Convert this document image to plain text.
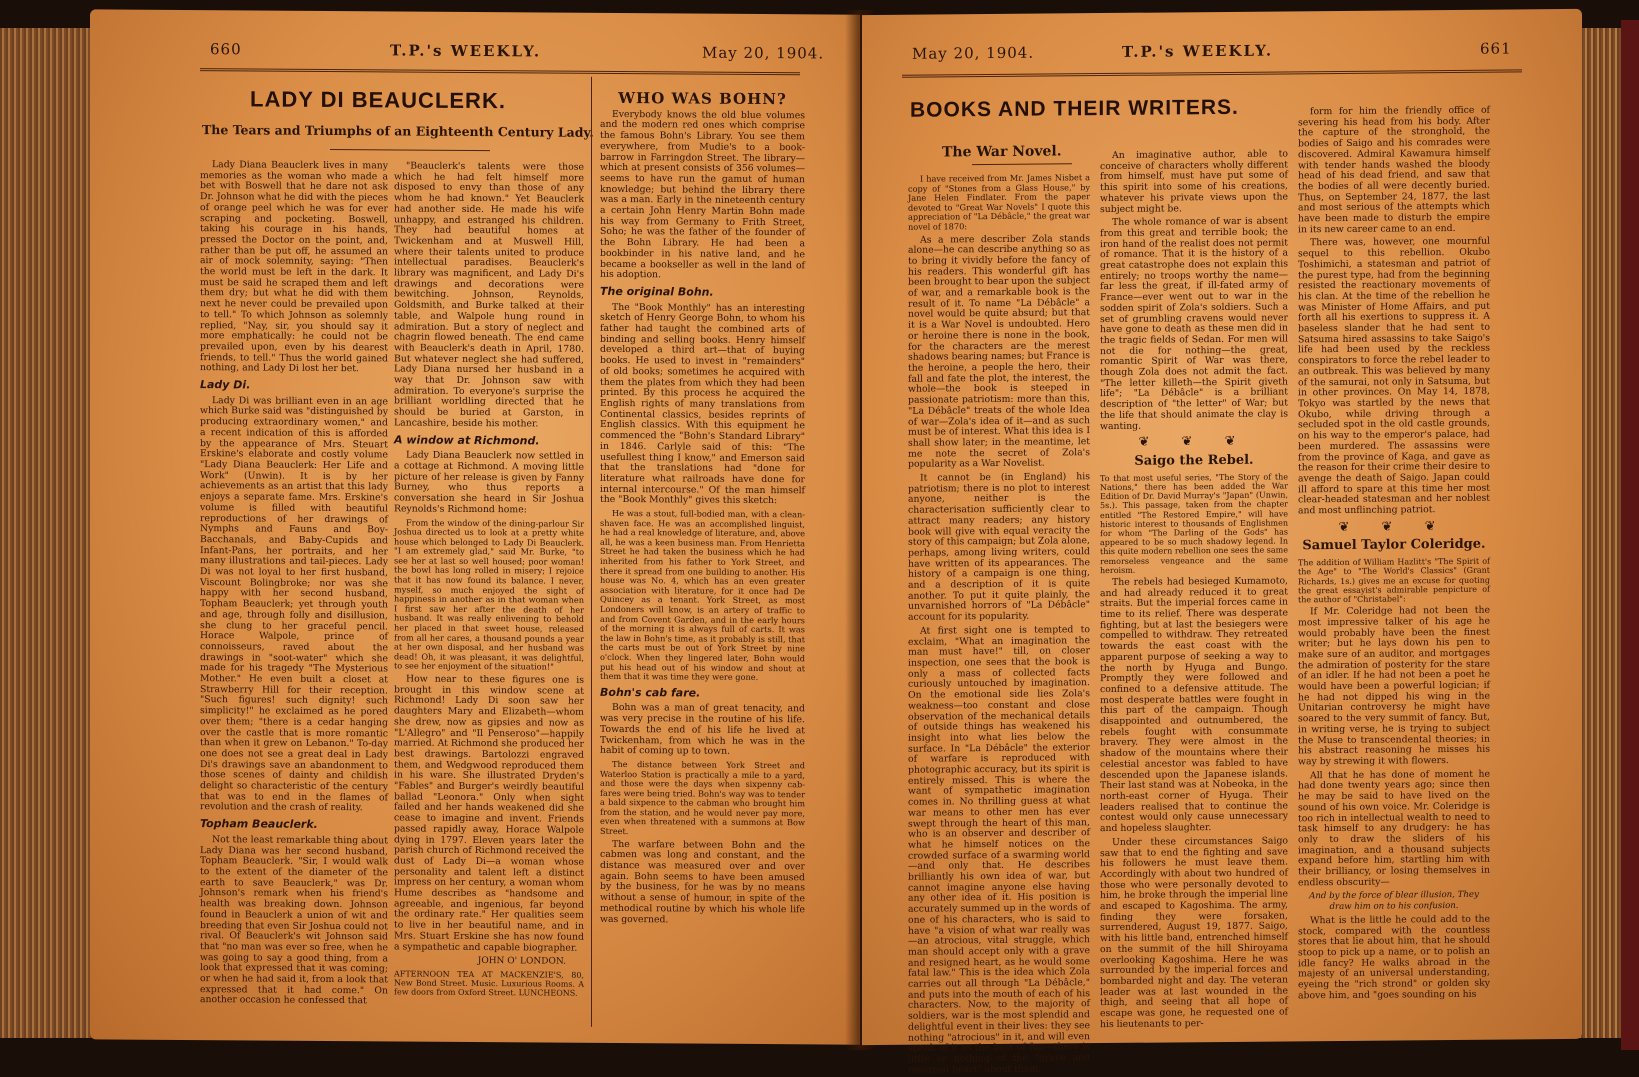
660	T.P.'s WEEKLY.	May 20, 1904.
LADY DI BEAUCLERK.
The Tears and Triumphs of an Eighteenth Century Lady.

Lady Diana Beauclerk lives in many memories as the woman who made a bet with Boswell that he dare not ask Dr. Johnson what he did with the pieces of orange peel which he was for ever scraping and pocketing. Boswell, taking his courage in his hands, pressed the Doctor on the point, and, rather than be put off, he assumed an air of mock solemnity, saying: "Then the world must be left in the dark. It must be said he scraped them and left them dry; but what he did with them next he never could be prevailed upon to tell." To which Johnson as solemnly replied, "Nay, sir, you should say it more emphatically: he could not be prevailed upon, even by his dearest friends, to tell." Thus the world gained nothing, and Lady Di lost her bet.

Lady Di.

Lady Di was brilliant even in an age which Burke said was "distinguished by producing extraordinary women," and a recent indication of this is afforded by the appearance of Mrs. Steuart Erskine's elaborate and costly volume "Lady Diana Beauclerk: Her Life and Work" (Unwin). It is by her achievements as an artist that this lady enjoys a separate fame. Mrs. Erskine's volume is filled with beautiful reproductions of her drawings of Nymphs and Fauns and Boy-Bacchanals, and Baby-Cupids and Infant-Pans, her portraits, and her many illustrations and tail-pieces. Lady Di was not loyal to her first husband, Viscount Bolingbroke; nor was she happy with her second husband, Topham Beauclerk; yet through youth and age, through folly and disillusion, she clung to her graceful pencil. Horace Walpole, prince of connoisseurs, raved about the drawings in "soot-water" which she made for his tragedy "The Mysterious Mother." He even built a closet at Strawberry Hill for their reception. "Such figures! such dignity! such simplicity!" he exclaimed as he pored over them; "there is a cedar hanging over the castle that is more romantic than when it grew on Lebanon." To-day one does not see a great deal in Lady Di's drawings save an abandonment to those scenes of dainty and childish delight so characteristic of the century that was to end in the flames of revolution and the crash of reality.

Topham Beauclerk.

Not the least remarkable thing about Lady Diana was her second husband, Topham Beauclerk. "Sir, I would walk to the extent of the diameter of the earth to save Beauclerk," was Dr. Johnson's remark when his friend's health was breaking down. Johnson found in Beauclerk a union of wit and breeding that even Sir Joshua could not rival. Of Beauclerk's wit Johnson said that "no man was ever so free, when he was going to say a good thing, from a look that expressed that it was coming; or when he had said it, from a look that expressed that it had come." On another occasion he confessed that

"Beauclerk's talents were those which he had felt himself more disposed to envy than those of any whom he had known." Yet Beauclerk had another side. He made his wife unhappy, and estranged his children. They had beautiful homes at Twickenham and at Muswell Hill, where their talents united to produce intellectual paradises. Beauclerk's library was magnificent, and Lady Di's drawings and decorations were bewitching. Johnson, Reynolds, Goldsmith, and Burke talked at their table, and Walpole hung round in admiration. But a story of neglect and chagrin flowed beneath. The end came with Beauclerk's death in April, 1780. But whatever neglect she had suffered, Lady Diana nursed her husband in a way that Dr. Johnson saw with admiration. To everyone's surprise the brilliant worldling directed that he should be buried at Garston, in Lancashire, beside his mother.

A window at Richmond.

Lady Diana Beauclerk now settled in a cottage at Richmond. A moving little picture of her release is given by Fanny Burney, who thus reports a conversation she heard in Sir Joshua Reynolds's Richmond home:

From the window of the dining-parlour Sir Joshua directed us to look at a pretty white house which belonged to Lady Di Beauclerk. "I am extremely glad," said Mr. Burke, "to see her at last so well housed; poor woman! the bowl has long rolled in misery; I rejoice that it has now found its balance. I never, myself, so much enjoyed the sight of happiness in another as in that woman when I first saw her after the death of her husband. It was really enlivening to behold her placed in that sweet house, released from all her cares, a thousand pounds a year at her own disposal, and her husband was dead! Oh, it was pleasant, it was delightful, to see her enjoyment of the situation!"

How near to these figures one is brought in this window scene at Richmond! Lady Di soon saw her daughters Mary and Elizabeth—whom she drew, now as gipsies and now as "L'Allegro" and "Il Penseroso"—happily married. At Richmond she produced her best drawings. Bartolozzi engraved them, and Wedgwood reproduced them in his ware. She illustrated Dryden's "Fables" and Burger's weirdly beautiful ballad "Leonora." Only when sight failed and her hands weakened did she cease to imagine and invent. Friends passed rapidly away, Horace Walpole dying in 1797. Eleven years later the parish church of Richmond received the dust of Lady Di—a woman whose personality and talent left a distinct impress on her century, a woman whom Hume describes as "handsome and agreeable, and ingenious, far beyond the ordinary rate." Her qualities seem to live in her beautiful name, and in Mrs. Stuart Erskine she has now found a sympathetic and capable biographer.

JOHN O' LONDON.

AFTERNOON TEA AT MACKENZIE'S, 80, New Bond Street. Music. Luxurious Rooms. A few doors from Oxford Street. LUNCHEONS.

WHO WAS BOHN?

Everybody knows the old blue volumes and the modern red ones which comprise the famous Bohn's Library. You see them everywhere, from Mudie's to a book-barrow in Farringdon Street. The library—which at present consists of 356 volumes—seems to have run the gamut of human knowledge; but behind the library there was a man. Early in the nineteenth century a certain John Henry Martin Bohn made his way from Germany to Frith Street, Soho; he was the father of the founder of the Bohn Library. He had been a bookbinder in his native land, and he became a bookseller as well in the land of his adoption.

The original Bohn.

The "Book Monthly" has an interesting sketch of Henry George Bohn, to whom his father had taught the combined arts of binding and selling books. Henry himself developed a third art—that of buying books. He used to invest in "remainders" of old books; sometimes he acquired with them the plates from which they had been printed. By this process he acquired the English rights of many translations from Continental classics, besides reprints of English classics. With this equipment he commenced the "Bohn's Standard Library" in 1846. Carlyle said of this: "The usefullest thing I know," and Emerson said that the translations had "done for literature what railroads have done for internal intercourse." Of the man himself the "Book Monthly" gives this sketch:

He was a stout, full-bodied man, with a clean-shaven face. He was an accomplished linguist, he had a real knowledge of literature, and, above all, he was a keen business man. From Henrietta Street he had taken the business which he had inherited from his father to York Street, and there it spread from one building to another. His house was No. 4, which has an even greater association with literature, for it once had De Quincey as a tenant. York Street, as most Londoners will know, is an artery of traffic to and from Covent Garden, and in the early hours of the morning it is always full of carts. It was the law in Bohn's time, as it probably is still, that the carts must be out of York Street by nine o'clock. When they lingered later, Bohn would put his head out of his window and shout at them that it was time they were gone.

Bohn's cab fare.

Bohn was a man of great tenacity, and was very precise in the routine of his life. Towards the end of his life he lived at Twickenham, from which he was in the habit of coming up to town.

The distance between York Street and Waterloo Station is practically a mile to a yard, and those were the days when sixpenny cab-fares were being tried. Bohn's way was to tender a bald sixpence to the cabman who brought him from the station, and he would never pay more, even when threatened with a summons at Bow Street.

The warfare between Bohn and the cabmen was long and constant, and the distance was measured over and over again. Bohn seems to have been amused by the business, for he was by no means without a sense of humour, in spite of the methodical routine by which his whole life was governed.

May 20, 1904.	T.P.'s WEEKLY.	661
BOOKS AND THEIR WRITERS.
The War Novel.

I have received from Mr. James Nisbet a copy of "Stones from a Glass House," by Jane Helen Findlater. From the paper devoted to "Great War Novels" I quote this appreciation of "La Débâcle," the great war novel of 1870:

As a mere describer Zola stands alone—he can describe anything so as to bring it vividly before the fancy of his readers. This wonderful gift has been brought to bear upon the subject of war, and a remarkable book is the result of it. To name "La Débâcle" a novel would be quite absurd; but that it is a War Novel is undoubted. Hero or heroine there is none in the book, for the characters are the merest shadows bearing names; but France is the heroine, a people the hero, their fall and fate the plot, the interest, the whole—the book is steeped in passionate patriotism: more than this, "La Débâcle" treats of the whole Idea of war—Zola's idea of it—and as such must be of interest. What this idea is I shall show later; in the meantime, let me note the secret of Zola's popularity as a War Novelist.

It cannot be (in England) his patriotism; there is no plot to interest anyone, neither is the characterisation sufficiently clear to attract many readers; any history book will give with equal veracity the story of this campaign; but Zola alone, perhaps, among living writers, could have written of its appearances. The history of a campaign is one thing, and a description of it is quite another. To put it quite plainly, the unvarnished horrors of "La Débâcle" account for its popularity.

At first sight one is tempted to exclaim, "What an imagination the man must have!" till, on closer inspection, one sees that the book is only a mass of collected facts curiously untouched by imagination. On the emotional side lies Zola's weakness—too constant and close observation of the mechanical details of outside things has weakened his insight into what lies below the surface. In "La Débâcle" the exterior of warfare is reproduced with photographic accuracy, but its spirit is entirely missed. This is where the want of sympathetic imagination comes in. No thrilling guess at what war means to other men has ever swept through the heart of this man, who is an observer and describer of what he himself notices on the crowded surface of a swarming world—and only that. He describes brilliantly his own idea of war, but cannot imagine anyone else having any other idea of it. His position is accurately summed up in the words of one of his characters, who is said to have "a vision of what war really was—an atrocious, vital struggle, which man should accept only with a grave and resigned heart, as he would some fatal law." This is the idea which Zola carries out all through "La Débâcle," and puts into the mouth of each of his characters. Now, to the majority of soldiers, war is the most splendid and delightful event in their lives: they see nothing "atrocious" in it, and will even speak of it as the best of fun—there is little or nothing of the "grave and resigned heart" about them.

An imaginative author, able to conceive of characters wholly different from himself, must have put some of this spirit into some of his creations, whatever his private views upon the subject might be.

The whole romance of war is absent from this great and terrible book; the iron hand of the realist does not permit of romance. That it is the history of a great catastrophe does not explain this entirely; no troops worthy the name—far less the great, if ill-fated army of France—ever went out to war in the sodden spirit of Zola's soldiers. Such a set of grumbling cravens would never have gone to death as these men did in the tragic fields of Sedan. For men will not die for nothing—the great, romantic Spirit of War was there, though Zola does not admit the fact. "The letter killeth—the Spirit giveth life"; "La Débâcle" is a brilliant description of "the letter" of War; but the life that should animate the clay is wanting.

❦ ❦ ❦
Saigo the Rebel.

To that most useful series, "The Story of the Nations," there has been added the War Edition of Dr. David Murray's "Japan" (Unwin, 5s.). This passage, taken from the chapter entitled "The Restored Empire," will have historic interest to thousands of Englishmen for whom "The Darling of the Gods" has appeared to be so much shadowy legend. In this quite modern rebellion one sees the same remorseless vengeance and the same heroism.

The rebels had besieged Kumamoto, and had already reduced it to great straits. But the imperial forces came in time to its relief. There was desperate fighting, but at last the besiegers were compelled to withdraw. They retreated towards the east coast with the apparent purpose of seeking a way to the north by Hyuga and Bungo. Promptly they were followed and confined to a defensive attitude. The most desperate battles were fought in this part of the campaign. Though disappointed and outnumbered, the rebels fought with consummate bravery. They were almost in the shadow of the mountains where their celestial ancestor was fabled to have descended upon the Japanese islands. Their last stand was at Nobeoka, in the north-east corner of Hyuga. Their leaders realised that to continue the contest would only cause unnecessary and hopeless slaughter.

Under these circumstances Saigo saw that to end the fighting and save his followers he must leave them. Accordingly with about two hundred of those who were personally devoted to him, he broke through the imperial line and escaped to Kagoshima. The army, finding they were forsaken, surrendered, August 19, 1877. Saigo, with his little band, entrenched himself on the summit of the hill Shiroyama overlooking Kagoshima. Here he was surrounded by the imperial forces and bombarded night and day. The veteran leader was at last wounded in the thigh, and seeing that all hope of escape was gone, he requested one of his lieutenants to per-

form for him the friendly office of severing his head from his body. After the capture of the stronghold, the bodies of Saigo and his comrades were discovered. Admiral Kawamura himself with tender hands washed the bloody head of his dead friend, and saw that the bodies of all were decently buried. Thus, on September 24, 1877, the last and most serious of the attempts which have been made to disturb the empire in its new career came to an end.

There was, however, one mournful sequel to this rebellion. Okubo Toshimichi, a statesman and patriot of the purest type, had from the beginning resisted the reactionary movements of his clan. At the time of the rebellion he was Minister of Home Affairs, and put forth all his exertions to suppress it. A baseless slander that he had sent to Satsuma hired assassins to take Saigo's life had been used by the reckless conspirators to force the rebel leader to an outbreak. This was believed by many of the samurai, not only in Satsuma, but in other provinces. On May 14, 1878, Tokyo was startled by the news that Okubo, while driving through a secluded spot in the old castle grounds, on his way to the emperor's palace, had been murdered. The assassins were from the province of Kaga, and gave as the reason for their crime their desire to avenge the death of Saigo. Japan could ill afford to spare at this time her most clear-headed statesman and her noblest and most unflinching patriot.

❦ ❦ ❦
Samuel Taylor Coleridge.

The addition of William Hazlitt's "The Spirit of the Age" to "The World's Classics" (Grant Richards, 1s.) gives me an excuse for quoting the great essayist's admirable penpicture of the author of "Christabel":

If Mr. Coleridge had not been the most impressive talker of his age he would probably have been the finest writer; but he lays down his pen to make sure of an auditor, and mortgages the admiration of posterity for the stare of an idler. If he had not been a poet he would have been a powerful logician; if he had not dipped his wing in the Unitarian controversy he might have soared to the very summit of fancy. But, in writing verse, he is trying to subject the Muse to transcendental theories; in his abstract reasoning he misses his way by strewing it with flowers.

All that he has done of moment he had done twenty years ago; since then he may be said to have lived on the sound of his own voice. Mr. Coleridge is too rich in intellectual wealth to need to task himself to any drudgery: he has only to draw the sliders of his imagination, and a thousand subjects expand before him, startling him with their brilliancy, or losing themselves in endless obscurity—

And by the force of blear illusion, They draw him on to his confusion.

What is the little he could add to the stock, compared with the countless stores that lie about him, that he should stoop to pick up a name, or to polish an idle fancy? He walks abroad in the majesty of an universal understanding, eyeing the "rich strond" or golden sky above him, and "goes sounding on his
